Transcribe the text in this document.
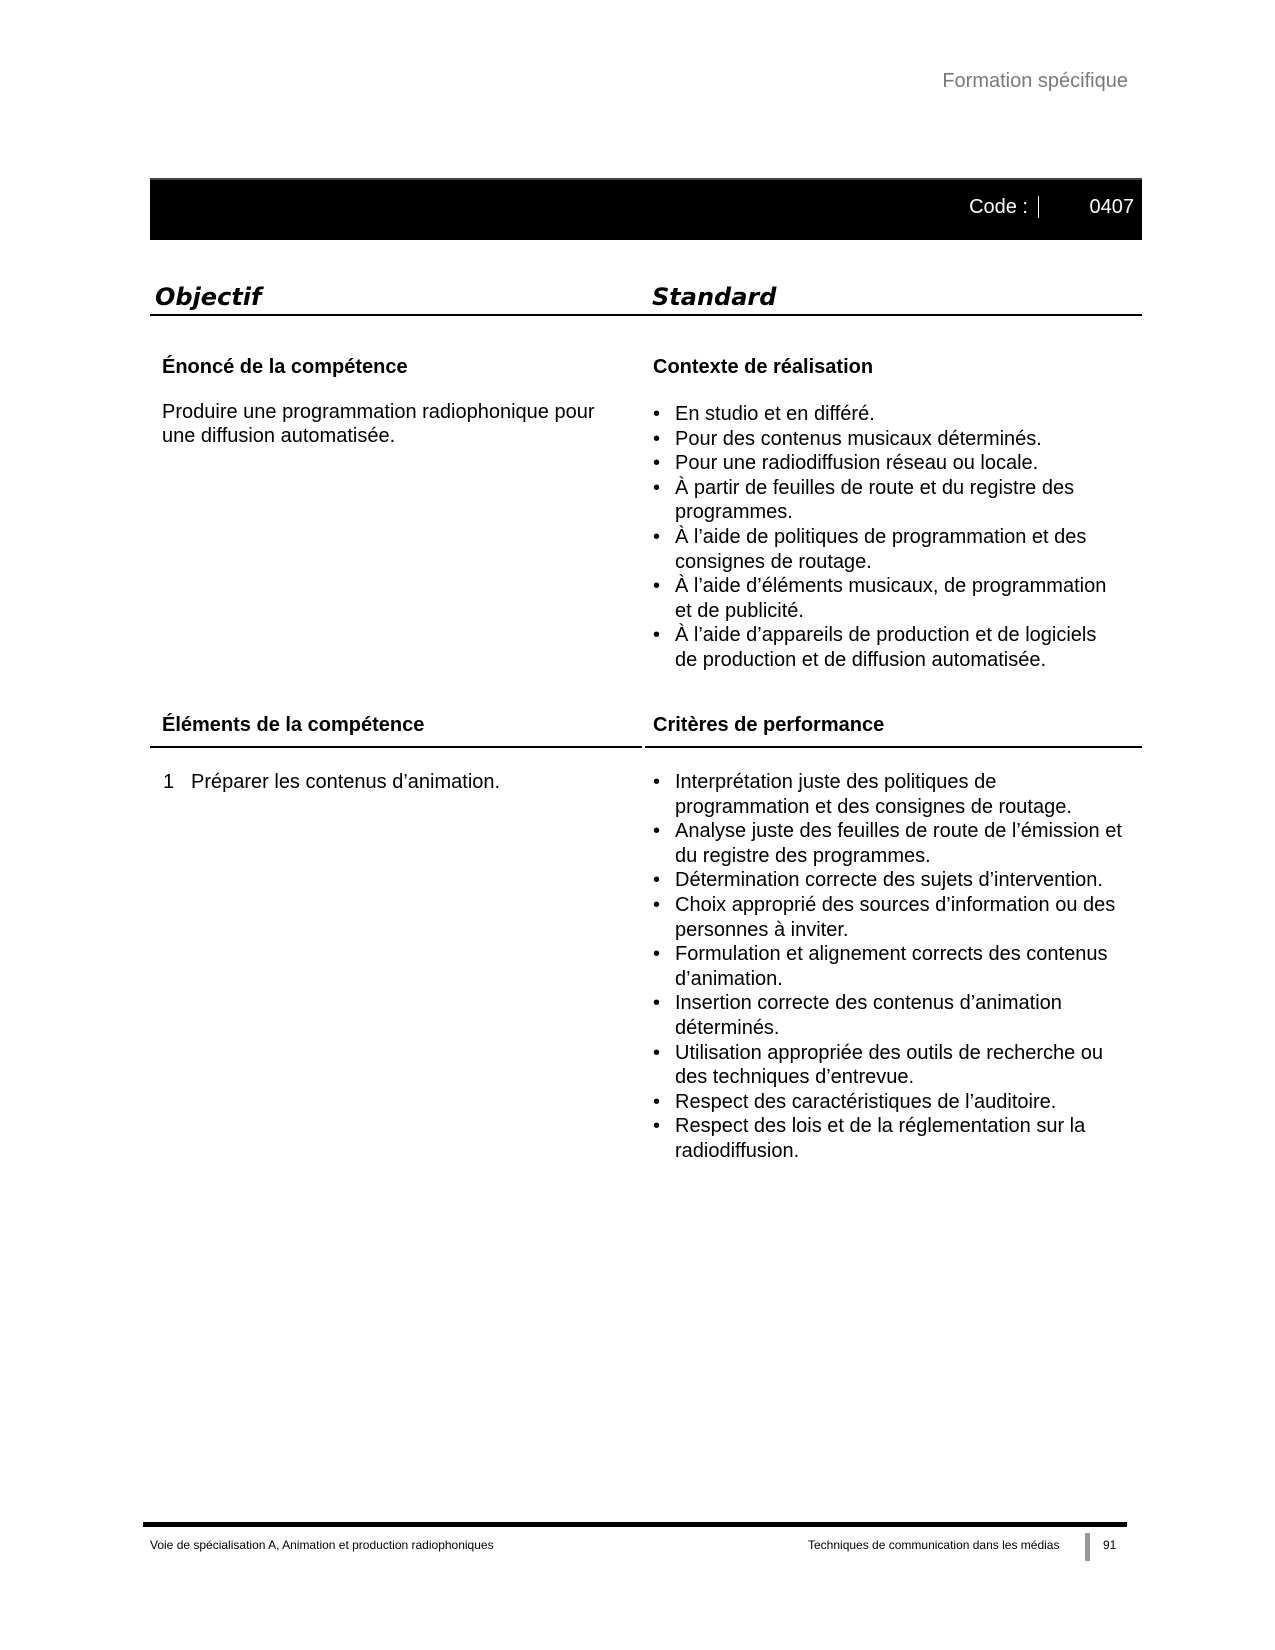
Formation spécifique
Code :	0407
Objectif	Standard
Énoncé de la compétence

Produire une programmation radiophonique pour une diffusion automatisée.

Contexte de réalisation
• En studio et en différé.
• Pour des contenus musicaux déterminés.
• Pour une radiodiffusion réseau ou locale.
• À partir de feuilles de route et du registre des programmes.
• À l’aide de politiques de programmation et des consignes de routage.
• À l’aide d’éléments musicaux, de programmation et de publicité.
• À l’aide d’appareils de production et de logiciels de production et de diffusion automatisée.
Éléments de la compétence	Critères de performance
1 Préparer les contenus d’animation.
•	Interprétation juste des politiques de programmation et des consignes de routage.
• Analyse juste des feuilles de route de l’émission et du registre des programmes.
• Détermination correcte des sujets d’intervention.
• Choix approprié des sources d’information ou des personnes à inviter.
• Formulation et alignement corrects des contenus d’animation.
• Insertion correcte des contenus d’animation déterminés.
• Utilisation appropriée des outils de recherche ou des techniques d’entrevue.
• Respect des caractéristiques de l’auditoire.
• Respect des lois et de la réglementation sur la radiodiffusion.
Voie de spécialisation A, Animation et production radiophoniques	Techniques de communication dans les médias	91
